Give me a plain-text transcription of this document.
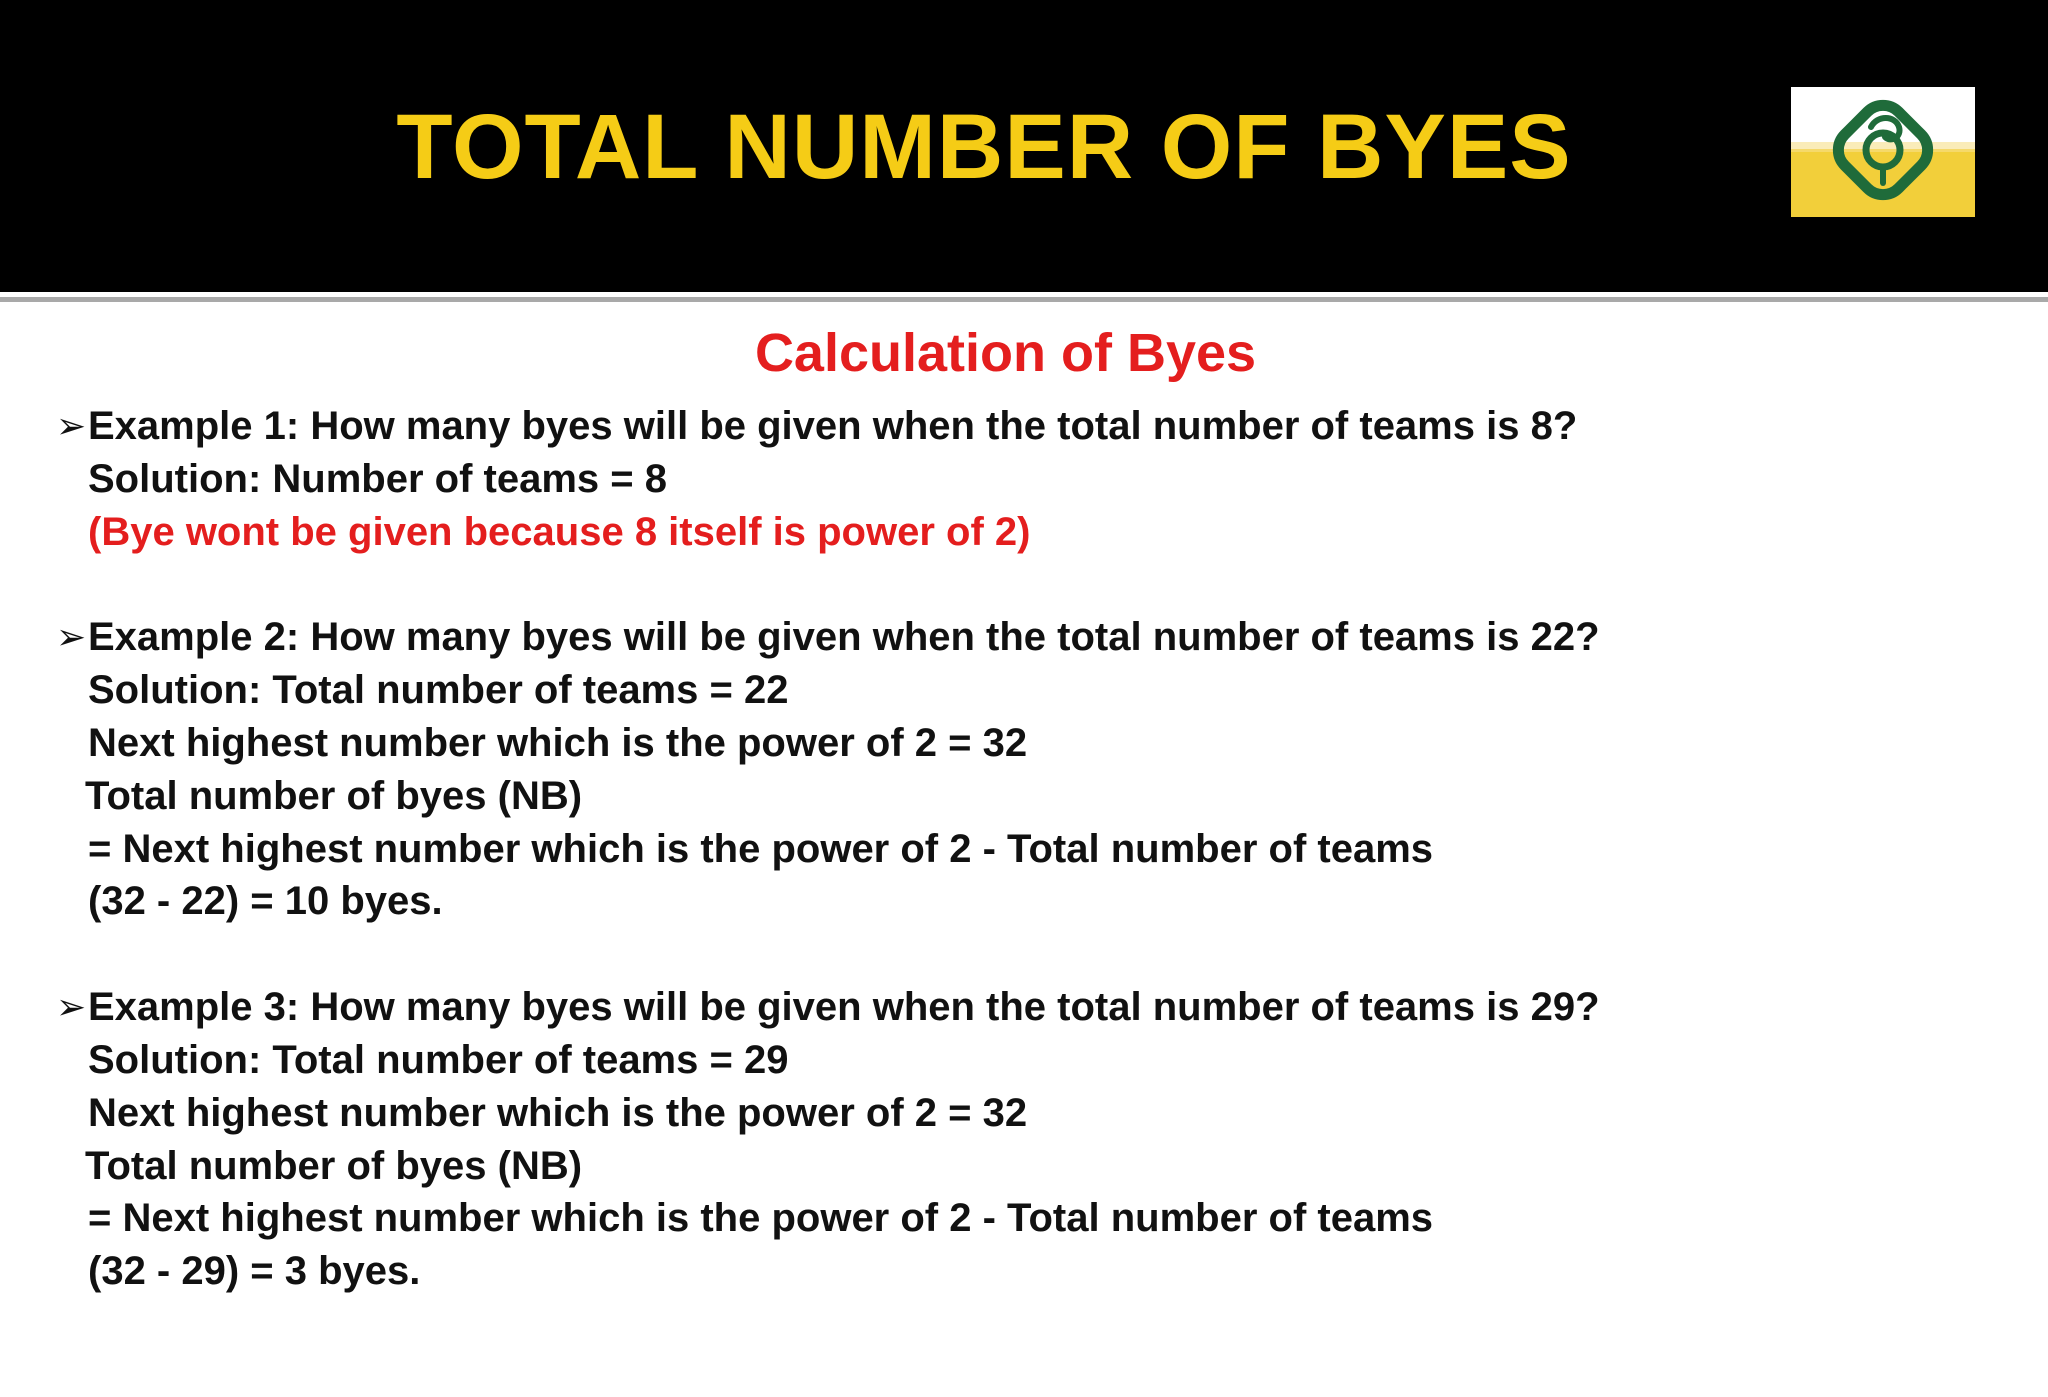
TOTAL NUMBER OF BYES
Calculation of Byes
➢ Example 1: How many byes will be given when the total number of teams is 8?
Solution: Number of teams = 8
(Bye wont be given because 8 itself is power of 2)
➢ Example 2: How many byes will be given when the total number of teams is 22?
Solution: Total number of teams = 22
Next highest number which is the power of 2 = 32
Total number of byes (NB)
= Next highest number which is the power of 2 - Total number of teams
(32 - 22) = 10 byes.
➢ Example 3: How many byes will be given when the total number of teams is 29?
Solution: Total number of teams = 29
Next highest number which is the power of 2 = 32
Total number of byes (NB)
= Next highest number which is the power of 2 - Total number of teams
(32 - 29) = 3 byes.
